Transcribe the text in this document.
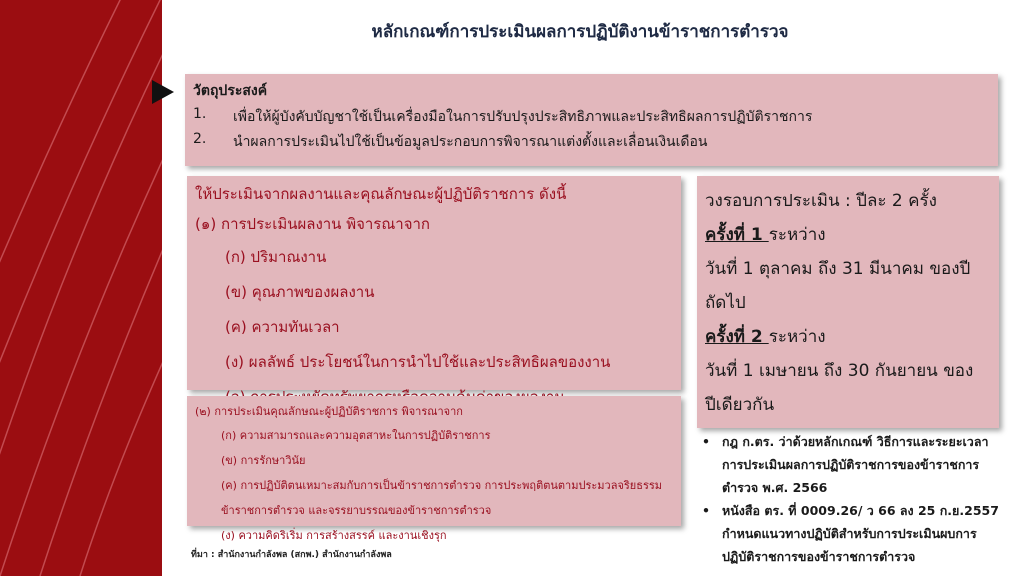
หลักเกณฑ์การประเมินผลการปฏิบัติงานข้าราชการตำรวจ
วัตถุประสงค์
1.	เพื่อให้ผู้บังคับบัญชาใช้เป็นเครื่องมือในการปรับปรุงประสิทธิภาพและประสิทธิผลการปฏิบัติราชการ
2.	นำผลการประเมินไปใช้เป็นข้อมูลประกอบการพิจารณาแต่งตั้งและเลื่อนเงินเดือน
ให้ประเมินจากผลงานและคุณลักษณะผู้ปฏิบัติราชการ ดังนี้
(๑) การประเมินผลงาน พิจารณาจาก
(ก) ปริมาณงาน
(ข) คุณภาพของผลงาน
(ค) ความทันเวลา
(ง) ผลลัพธ์ ประโยชน์ในการนำไปใช้และประสิทธิผลของงาน
วงรอบการประเมิน : ปีละ 2 ครั้ง
ครั้งที่ 1 ระหว่าง
วันที่ 1 ตุลาคม ถึง 31 มีนาคม ของปี
ถัดไป
ครั้งที่ 2 ระหว่าง
วันที่ 1 เมษายน ถึง 30 กันยายน ของ
ปีเดียวกัน
(๒) การประเมินคุณลักษณะผู้ปฏิบัติราชการ พิจารณาจาก
(ก) ความสามารถและความอุตสาหะในการปฏิบัติราชการ
(ข) การรักษาวินัย
(ค) การปฏิบัติตนเหมาะสมกับการเป็นข้าราชการตำรวจ การประพฤติตนตามประมวลจริยธรรม
ข้าราชการตำรวจ และจรรยาบรรณของข้าราชการตำรวจ
(ง) ความคิดริเริ่ม การสร้างสรรค์ และงานเชิงรุก
• กฎ ก.ตร. ว่าด้วยหลักเกณฑ์ วิธีการและระยะเวลา
การประเมินผลการปฏิบัติราชการของข้าราชการ
ตำรวจ พ.ศ. 2566
• หนังสือ ตร. ที่ 0009.26/ ว 66 ลง 25 ก.ย.2557
กำหนดแนวทางปฏิบัติสำหรับการประเมินผบการ
ปฏิบัติราชการของข้าราชการตำรวจ
ที่มา : สำนักงานกำลังพล (สกพ.) สำนักงานกำลังพล
